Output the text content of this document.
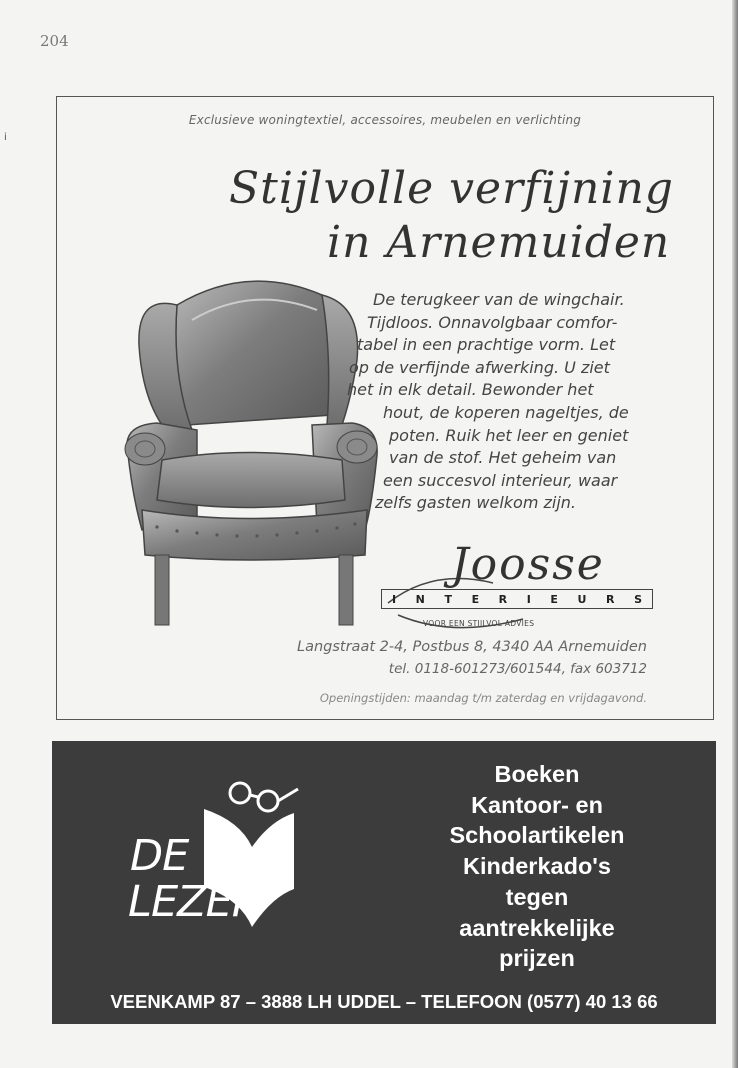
204
i
Exclusieve woningtextiel, accessoires, meubelen en verlichting
Stijlvolle verfijning
in Arnemuiden
De terugkeer van de wingchair.
Tijdloos. Onnavolgbaar comfor-
tabel in een prachtige vorm. Let
op de verfijnde afwerking. U ziet
het in elk detail. Bewonder het
hout, de koperen nageltjes, de
poten. Ruik het leer en geniet
van de stof. Het geheim van
een succesvol interieur, waar
zelfs gasten welkom zijn.
Joosse
I N T E R I E U R S
VOOR EEN STIJLVOL ADVIES
Langstraat 2-4, Postbus 8, 4340 AA Arnemuiden
tel. 0118-601273/601544, fax 603712
Openingstijden: maandag t/m zaterdag en vrijdagavond.
DE
LEZER
Boeken
Kantoor- en
Schoolartikelen
Kinderkado's
tegen
aantrekkelijke
prijzen
VEENKAMP 87 – 3888 LH UDDEL – TELEFOON (0577) 40 13 66
